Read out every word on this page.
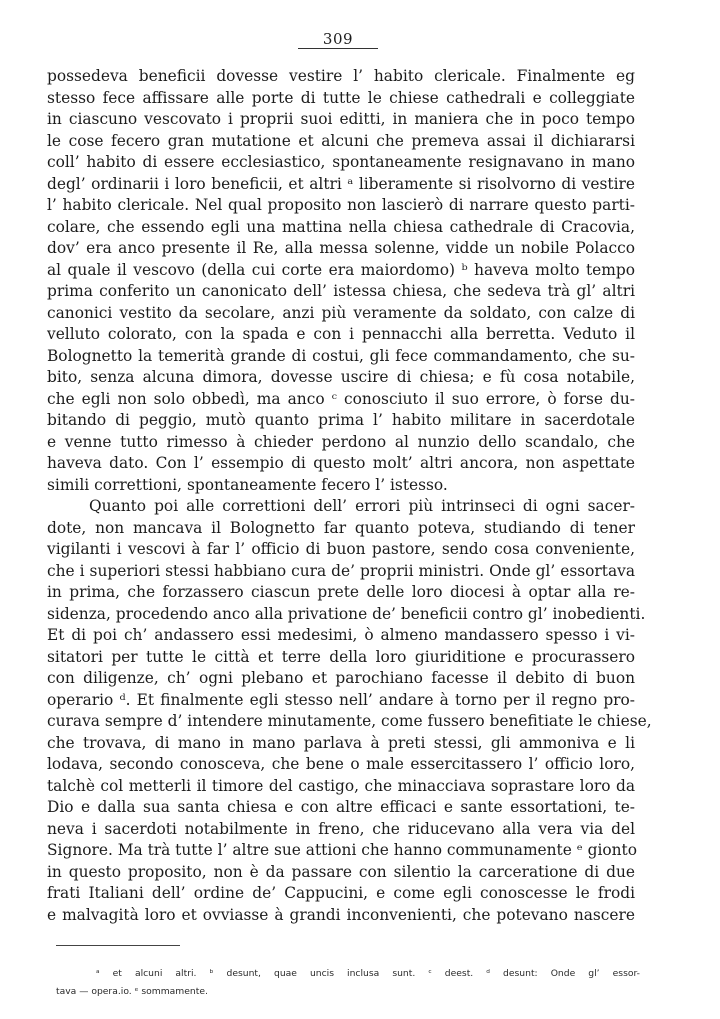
309
possedeva beneficii dovesse vestire l’ habito clericale. Finalmente eg
stesso fece affissare alle porte di tutte le chiese cathedrali e colleggiate
in ciascuno vescovato i proprii suoi editti, in maniera che in poco tempo
le cose fecero gran mutatione et alcuni che premeva assai il dichiararsi
coll’ habito di essere ecclesiastico, spontaneamente resignavano in mano
degl’ ordinarii i loro beneficii, et altri ᵃ liberamente si risolvorno di vestire
l’ habito clericale. Nel qual proposito non lascierò di narrare questo parti-
colare, che essendo egli una mattina nella chiesa cathedrale di Cracovia,
dov’ era anco presente il Re, alla messa solenne, vidde un nobile Polacco
al quale il vescovo (della cui corte era maiordomo) ᵇ haveva molto tempo
prima conferito un canonicato dell’ istessa chiesa, che sedeva trà gl’ altri
canonici vestito da secolare, anzi più veramente da soldato, con calze di
velluto colorato, con la spada e con i pennacchi alla berretta. Veduto il
Bolognetto la temerità grande di costui, gli fece commandamento, che su-
bito, senza alcuna dimora, dovesse uscire di chiesa; e fù cosa notabile,
che egli non solo obbedì, ma anco ᶜ conosciuto il suo errore, ò forse du-
bitando di peggio, mutò quanto prima l’ habito militare in sacerdotale
e venne tutto rimesso à chieder perdono al nunzio dello scandalo, che
haveva dato. Con l’ essempio di questo molt’ altri ancora, non aspettate
simili correttioni, spontaneamente fecero l’ istesso.
Quanto poi alle correttioni dell’ errori più intrinseci di ogni sacer-
dote, non mancava il Bolognetto far quanto poteva, studiando di tener
vigilanti i vescovi à far l’ officio di buon pastore, sendo cosa conveniente,
che i superiori stessi habbiano cura de’ proprii ministri. Onde gl’ essortava
in prima, che forzassero ciascun prete delle loro diocesi à optar alla re-
sidenza, procedendo anco alla privatione de’ beneficii contro gl’ inobedienti.
Et di poi ch’ andassero essi medesimi, ò almeno mandassero spesso i vi-
sitatori per tutte le città et terre della loro giuriditione e procurassero
con diligenze, ch’ ogni plebano et parochiano facesse il debito di buon
operario ᵈ. Et finalmente egli stesso nell’ andare à torno per il regno pro-
curava sempre d’ intendere minutamente, come fussero benefitiate le chiese,
che trovava, di mano in mano parlava à preti stessi, gli ammoniva e li
lodava, secondo conosceva, che bene o male essercitassero l’ officio loro,
talchè col metterli il timore del castigo, che minacciava soprastare loro da
Dio e dalla sua santa chiesa e con altre efficaci e sante essortationi, te-
neva i sacerdoti notabilmente in freno, che riducevano alla vera via del
Signore. Ma trà tutte l’ altre sue attioni che hanno communamente ᵉ gionto
in questo proposito, non è da passare con silentio la carceratione di due
frati Italiani dell’ ordine de’ Cappucini, e come egli conoscesse le frodi
e malvagità loro et ovviasse à grandi inconvenienti, che potevano nascere
ᵃ et alcuni altri. ᵇ desunt, quae uncis inclusa sunt. ᶜ deest. ᵈ desunt: Onde gl’ essor-
tava — opera.io. ᵉ sommamente.
